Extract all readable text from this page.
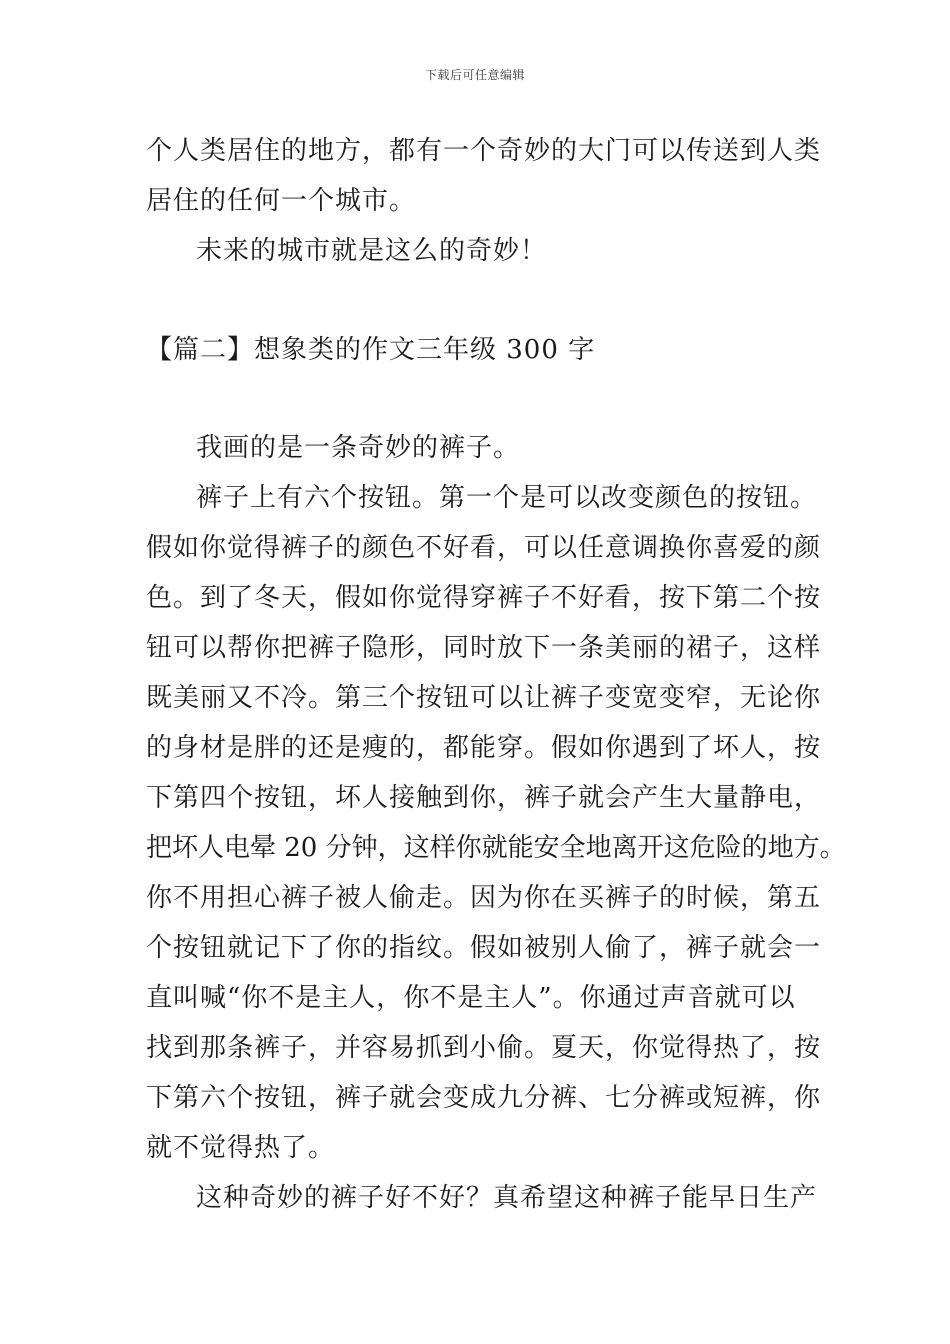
下载后可任意编辑
个人类居住的地方，都有一个奇妙的大门可以传送到人类
居住的任何一个城市。
未来的城市就是这么的奇妙！
【篇二】想象类的作文三年级 300 字
我画的是一条奇妙的裤子。
裤子上有六个按钮。第一个是可以改变颜色的按钮。
假如你觉得裤子的颜色不好看，可以任意调换你喜爱的颜
色。到了冬天，假如你觉得穿裤子不好看，按下第二个按
钮可以帮你把裤子隐形，同时放下一条美丽的裙子，这样
既美丽又不冷。第三个按钮可以让裤子变宽变窄，无论你
的身材是胖的还是瘦的，都能穿。假如你遇到了坏人，按
下第四个按钮，坏人接触到你，裤子就会产生大量静电，
把坏人电晕 20 分钟，这样你就能安全地离开这危险的地方。
你不用担心裤子被人偷走。因为你在买裤子的时候，第五
个按钮就记下了你的指纹。假如被别人偷了，裤子就会一
直叫喊“你不是主人，你不是主人”。你通过声音就可以
找到那条裤子，并容易抓到小偷。夏天，你觉得热了，按
下第六个按钮，裤子就会变成九分裤、七分裤或短裤，你
就不觉得热了。
这种奇妙的裤子好不好？真希望这种裤子能早日生产
